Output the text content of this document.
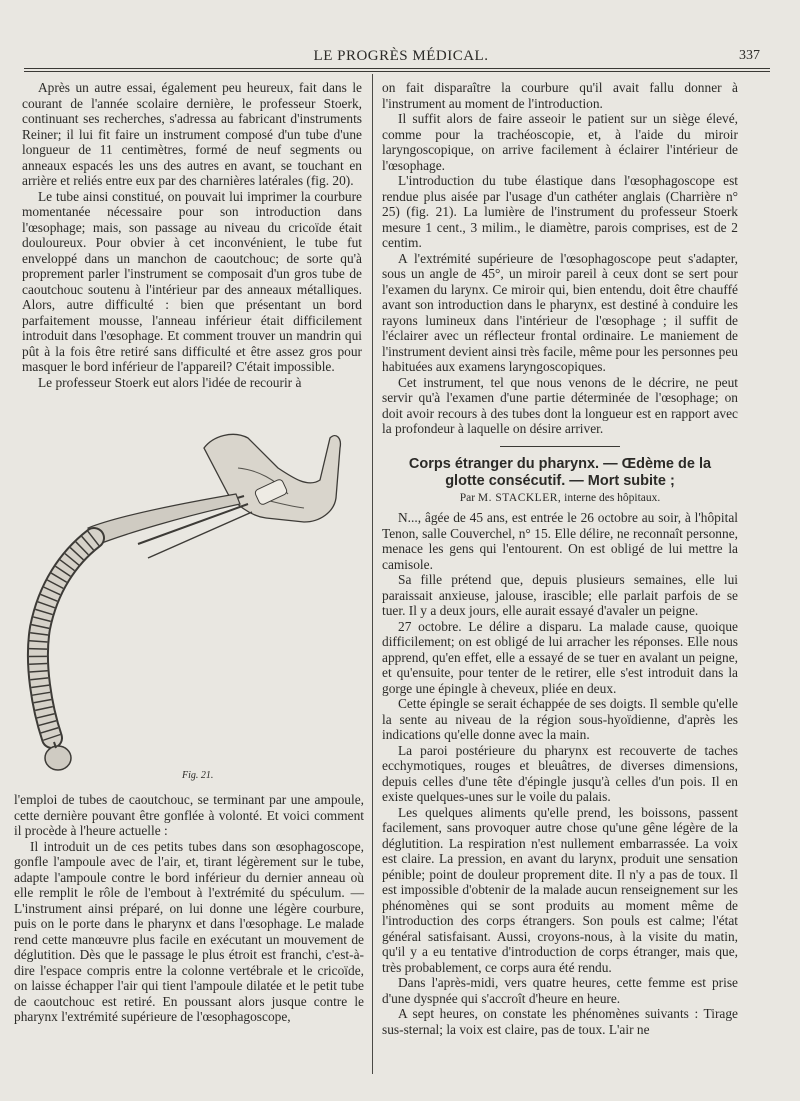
LE PROGRÈS MÉDICAL.	337

Après un autre essai, également peu heureux, fait dans le courant de l'année scolaire dernière, le professeur Stoerk, continuant ses recherches, s'adressa au fabricant d'instruments Reiner; il lui fit faire un instrument composé d'un tube d'une longueur de 11 centimètres, formé de neuf segments ou anneaux espacés les uns des autres en avant, se touchant en arrière et reliés entre eux par des charnières latérales (fig. 20).

Le tube ainsi constitué, on pouvait lui imprimer la courbure momentanée nécessaire pour son introduction dans l'œsophage; mais, son passage au niveau du cricoïde était douloureux. Pour obvier à cet inconvénient, le tube fut enveloppé dans un manchon de caoutchouc; de sorte qu'à proprement parler l'instrument se composait d'un gros tube de caoutchouc soutenu à l'intérieur par des anneaux métalliques. Alors, autre difficulté : bien que présentant un bord parfaitement mousse, l'anneau inférieur était difficilement introduit dans l'œsophage. Et comment trouver un mandrin qui pût à la fois être retiré sans difficulté et être assez gros pour masquer le bord inférieur de l'appareil? C'était impossible.

Le professeur Stoerk eut alors l'idée de recourir à

Fig. 21.

l'emploi de tubes de caoutchouc, se terminant par une ampoule, cette dernière pouvant être gonflée à volonté. Et voici comment il procède à l'heure actuelle :

Il introduit un de ces petits tubes dans son œsophagoscope, gonfle l'ampoule avec de l'air, et, tirant légèrement sur le tube, adapte l'ampoule contre le bord inférieur du dernier anneau où elle remplit le rôle de l'embout à l'extrémité du spéculum. — L'instrument ainsi préparé, on lui donne une légère courbure, puis on le porte dans le pharynx et dans l'œsophage. Le malade rend cette manœuvre plus facile en exécutant un mouvement de déglutition. Dès que le passage le plus étroit est franchi, c'est-à-dire l'espace compris entre la colonne vertébrale et le cricoïde, on laisse échapper l'air qui tient l'ampoule dilatée et le petit tube de caoutchouc est retiré. En poussant alors jusque contre le pharynx l'extrémité supérieure de l'œsophagoscope,

on fait disparaître la courbure qu'il avait fallu donner à l'instrument au moment de l'introduction.

Il suffit alors de faire asseoir le patient sur un siège élevé, comme pour la trachéoscopie, et, à l'aide du miroir laryngoscopique, on arrive facilement à éclairer l'intérieur de l'œsophage.

L'introduction du tube élastique dans l'œsophagoscope est rendue plus aisée par l'usage d'un cathéter anglais (Charrière n° 25) (fig. 21). La lumière de l'instrument du professeur Stoerk mesure 1 cent., 3 milim., le diamètre, parois comprises, est de 2 centim.

A l'extrémité supérieure de l'œsophagoscope peut s'adapter, sous un angle de 45°, un miroir pareil à ceux dont se sert pour l'examen du larynx. Ce miroir qui, bien entendu, doit être chauffé avant son introduction dans le pharynx, est destiné à conduire les rayons lumineux dans l'intérieur de l'œsophage ; il suffit de l'éclairer avec un réflecteur frontal ordinaire. Le maniement de l'instrument devient ainsi très facile, même pour les personnes peu habituées aux examens laryngoscopiques.

Cet instrument, tel que nous venons de le décrire, ne peut servir qu'à l'examen d'une partie déterminée de l'œsophage; on doit avoir recours à des tubes dont la longueur est en rapport avec la profondeur à laquelle on désire arriver.

Corps étranger du pharynx. — Œdème de la
glotte consécutif. — Mort subite ;
Par M. STACKLER, interne des hôpitaux.

N..., âgée de 45 ans, est entrée le 26 octobre au soir, à l'hôpital Tenon, salle Couverchel, n° 15. Elle délire, ne reconnaît personne, menace les gens qui l'entourent. On est obligé de lui mettre la camisole.

Sa fille prétend que, depuis plusieurs semaines, elle lui paraissait anxieuse, jalouse, irascible; elle parlait parfois de se tuer. Il y a deux jours, elle aurait essayé d'avaler un peigne.

27 octobre. Le délire a disparu. La malade cause, quoique difficilement; on est obligé de lui arracher les réponses. Elle nous apprend, qu'en effet, elle a essayé de se tuer en avalant un peigne, et qu'ensuite, pour tenter de le retirer, elle s'est introduit dans la gorge une épingle à cheveux, pliée en deux.

Cette épingle se serait échappée de ses doigts. Il semble qu'elle la sente au niveau de la région sous-hyoïdienne, d'après les indications qu'elle donne avec la main.

La paroi postérieure du pharynx est recouverte de taches ecchymotiques, rouges et bleuâtres, de diverses dimensions, depuis celles d'une tête d'épingle jusqu'à celles d'un pois. Il en existe quelques-unes sur le voile du palais.

Les quelques aliments qu'elle prend, les boissons, passent facilement, sans provoquer autre chose qu'une gêne légère de la déglutition. La respiration n'est nullement embarrassée. La voix est claire. La pression, en avant du larynx, produit une sensation pénible; point de douleur proprement dite. Il n'y a pas de toux. Il est impossible d'obtenir de la malade aucun renseignement sur les phénomènes qui se sont produits au moment même de l'introduction des corps étrangers. Son pouls est calme; l'état général satisfaisant. Aussi, croyons-nous, à la visite du matin, qu'il y a eu tentative d'introduction de corps étranger, mais que, très probablement, ce corps aura été rendu.

Dans l'après-midi, vers quatre heures, cette femme est prise d'une dyspnée qui s'accroît d'heure en heure.

A sept heures, on constate les phénomènes suivants : Tirage sus-sternal; la voix est claire, pas de toux. L'air ne
